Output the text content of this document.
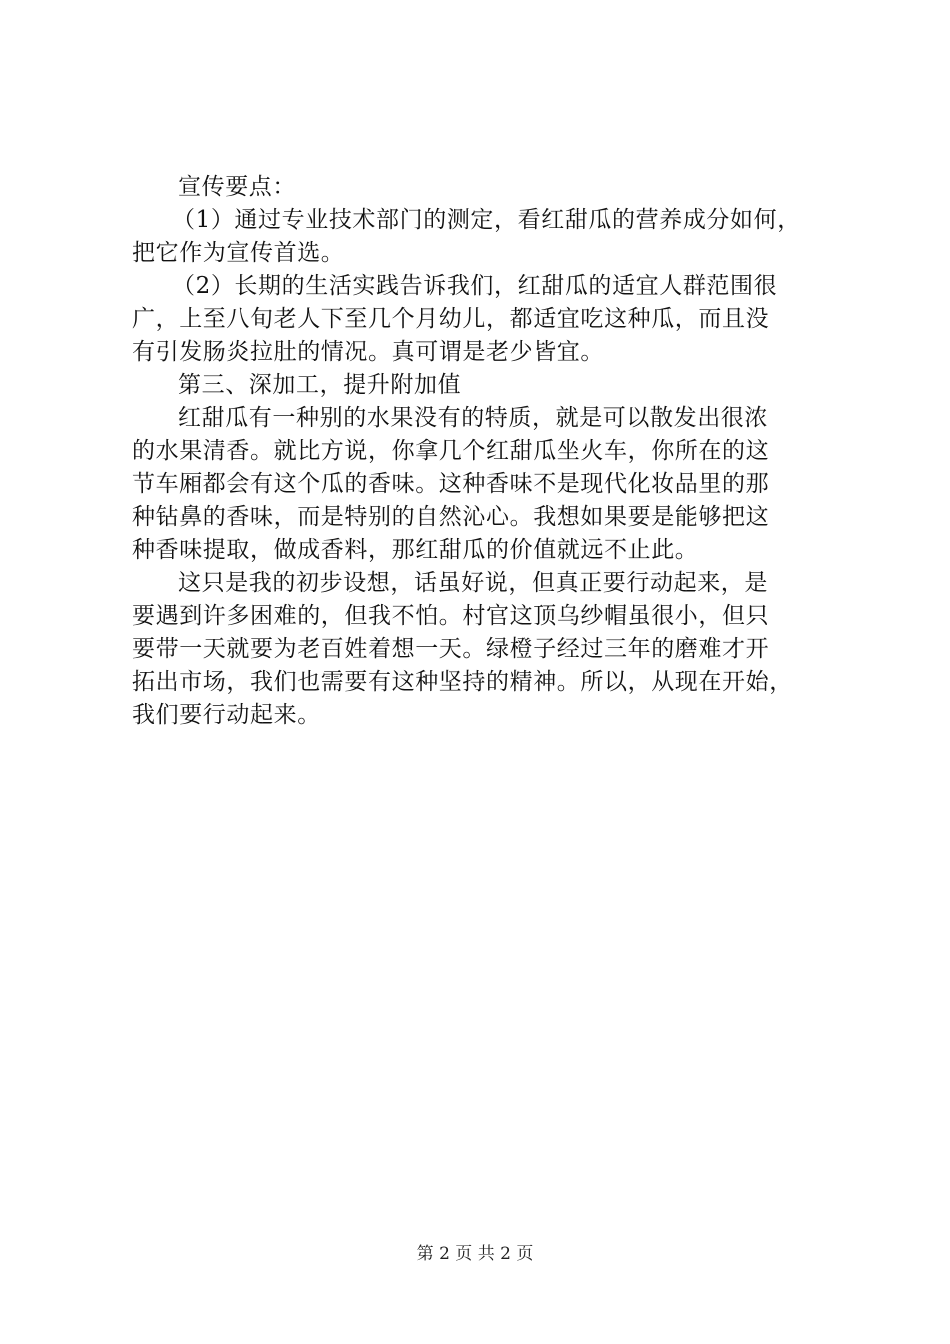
宣传要点：
（1）通过专业技术部门的测定，看红甜瓜的营养成分如何，
把它作为宣传首选。
（2）长期的生活实践告诉我们，红甜瓜的适宜人群范围很
广，上至八旬老人下至几个月幼儿，都适宜吃这种瓜，而且没
有引发肠炎拉肚的情况。真可谓是老少皆宜。
第三、深加工，提升附加值
红甜瓜有一种别的水果没有的特质，就是可以散发出很浓
的水果清香。就比方说，你拿几个红甜瓜坐火车，你所在的这
节车厢都会有这个瓜的香味。这种香味不是现代化妆品里的那
种钻鼻的香味，而是特别的自然沁心。我想如果要是能够把这
种香味提取，做成香料，那红甜瓜的价值就远不止此。
这只是我的初步设想，话虽好说，但真正要行动起来，是
要遇到许多困难的，但我不怕。村官这顶乌纱帽虽很小，但只
要带一天就要为老百姓着想一天。绿橙子经过三年的磨难才开
拓出市场，我们也需要有这种坚持的精神。所以，从现在开始，
我们要行动起来。
第 2 页 共 2 页
